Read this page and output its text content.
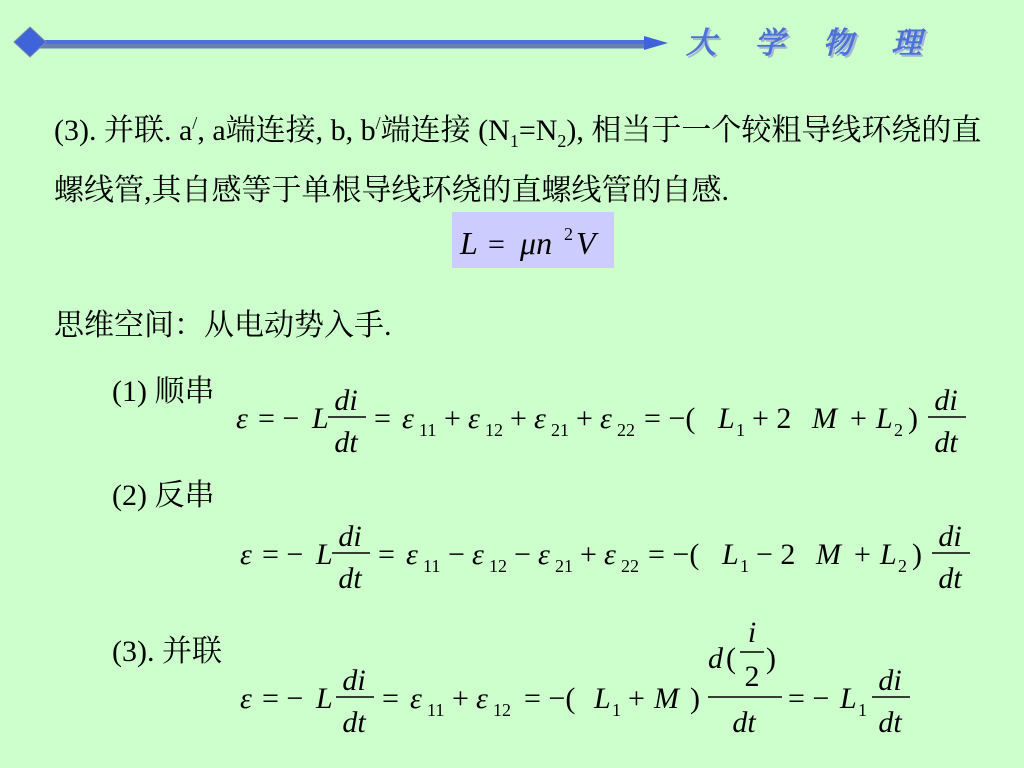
大 学 物 理
(3). 并联. a/, a端连接, b, b/端连接 $(N_1=N_2)$, 相当于一个较粗导线环绕的直螺线管,其自感等于单根导线环绕的直螺线管的自感.
L = μn 2 V
思维空间：从电动势入手.
(1) 顺串
ε = − L
di
dt
= ε 11 + ε 12 + ε 21 + ε 22 = −( L 1 + 2 M + L 2 )
di
dt
(2) 反串
ε = − L
di
dt
= ε 11 − ε 12 − ε 21 + ε 22 = −( L 1 − 2 M + L 2 )
di
dt
(3). 并联
ε = − L
di
dt
= ε 11 + ε 12 = −( L 1 + M )
d (
i
2
)
dt
= − L 1
di
dt
